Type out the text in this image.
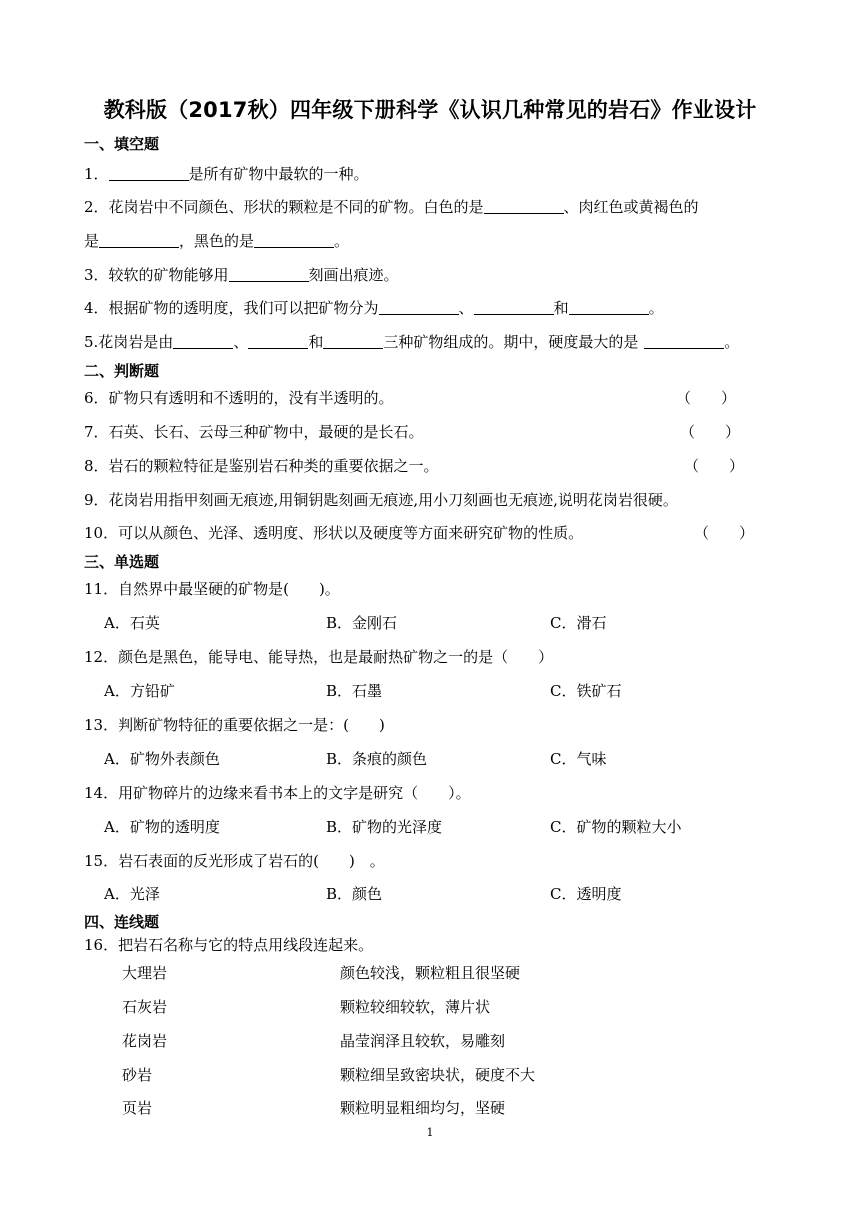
教科版（2017秋）四年级下册科学《认识几种常见的岩石》作业设计
一、填空题
1．	是所有矿物中最软的一种。
2．花岗岩中不同颜色、形状的颗粒是不同的矿物。白色的是	、肉红色或黄褐色的
是	，黑色的是	。
3．较软的矿物能够用	刻画出痕迹。
4．根据矿物的透明度，我们可以把矿物分为	、	和	。
5.花岗岩是由	、	和	三种矿物组成的。期中，硬度最大的是	。
二、判断题
6．矿物只有透明和不透明的，没有半透明的。	（　　）
7．石英、长石、云母三种矿物中，最硬的是长石。	（　　）
8．岩石的颗粒特征是鉴别岩石种类的重要依据之一。	（　　）
9．花岗岩用指甲刻画无痕迹,用铜钥匙刻画无痕迹,用小刀刻画也无痕迹,说明花岗岩很硬。
10．可以从颜色、光泽、透明度、形状以及硬度等方面来研究矿物的性质。	（　　）
三、单选题
11．自然界中最坚硬的矿物是(　　)。
A．石英	B．金刚石	C．滑石
12．颜色是黑色，能导电、能导热，也是最耐热矿物之一的是（　　）
A．方铅矿	B．石墨	C．铁矿石
13．判断矿物特征的重要依据之一是：(　　)
A．矿物外表颜色	B．条痕的颜色	C．气味
14．用矿物碎片的边缘来看书本上的文字是研究（　　）。
A．矿物的透明度	B．矿物的光泽度	C．矿物的颗粒大小
15．岩石表面的反光形成了岩石的(　　)　。
A．光泽	B．颜色	C．透明度
四、连线题
16．把岩石名称与它的特点用线段连起来。
大理岩	颜色较浅，颗粒粗且很坚硬
石灰岩	颗粒较细较软，薄片状
花岗岩	晶莹润泽且较软，易雕刻
砂岩	颗粒细呈致密块状，硬度不大
页岩	颗粒明显粗细均匀，坚硬
1
